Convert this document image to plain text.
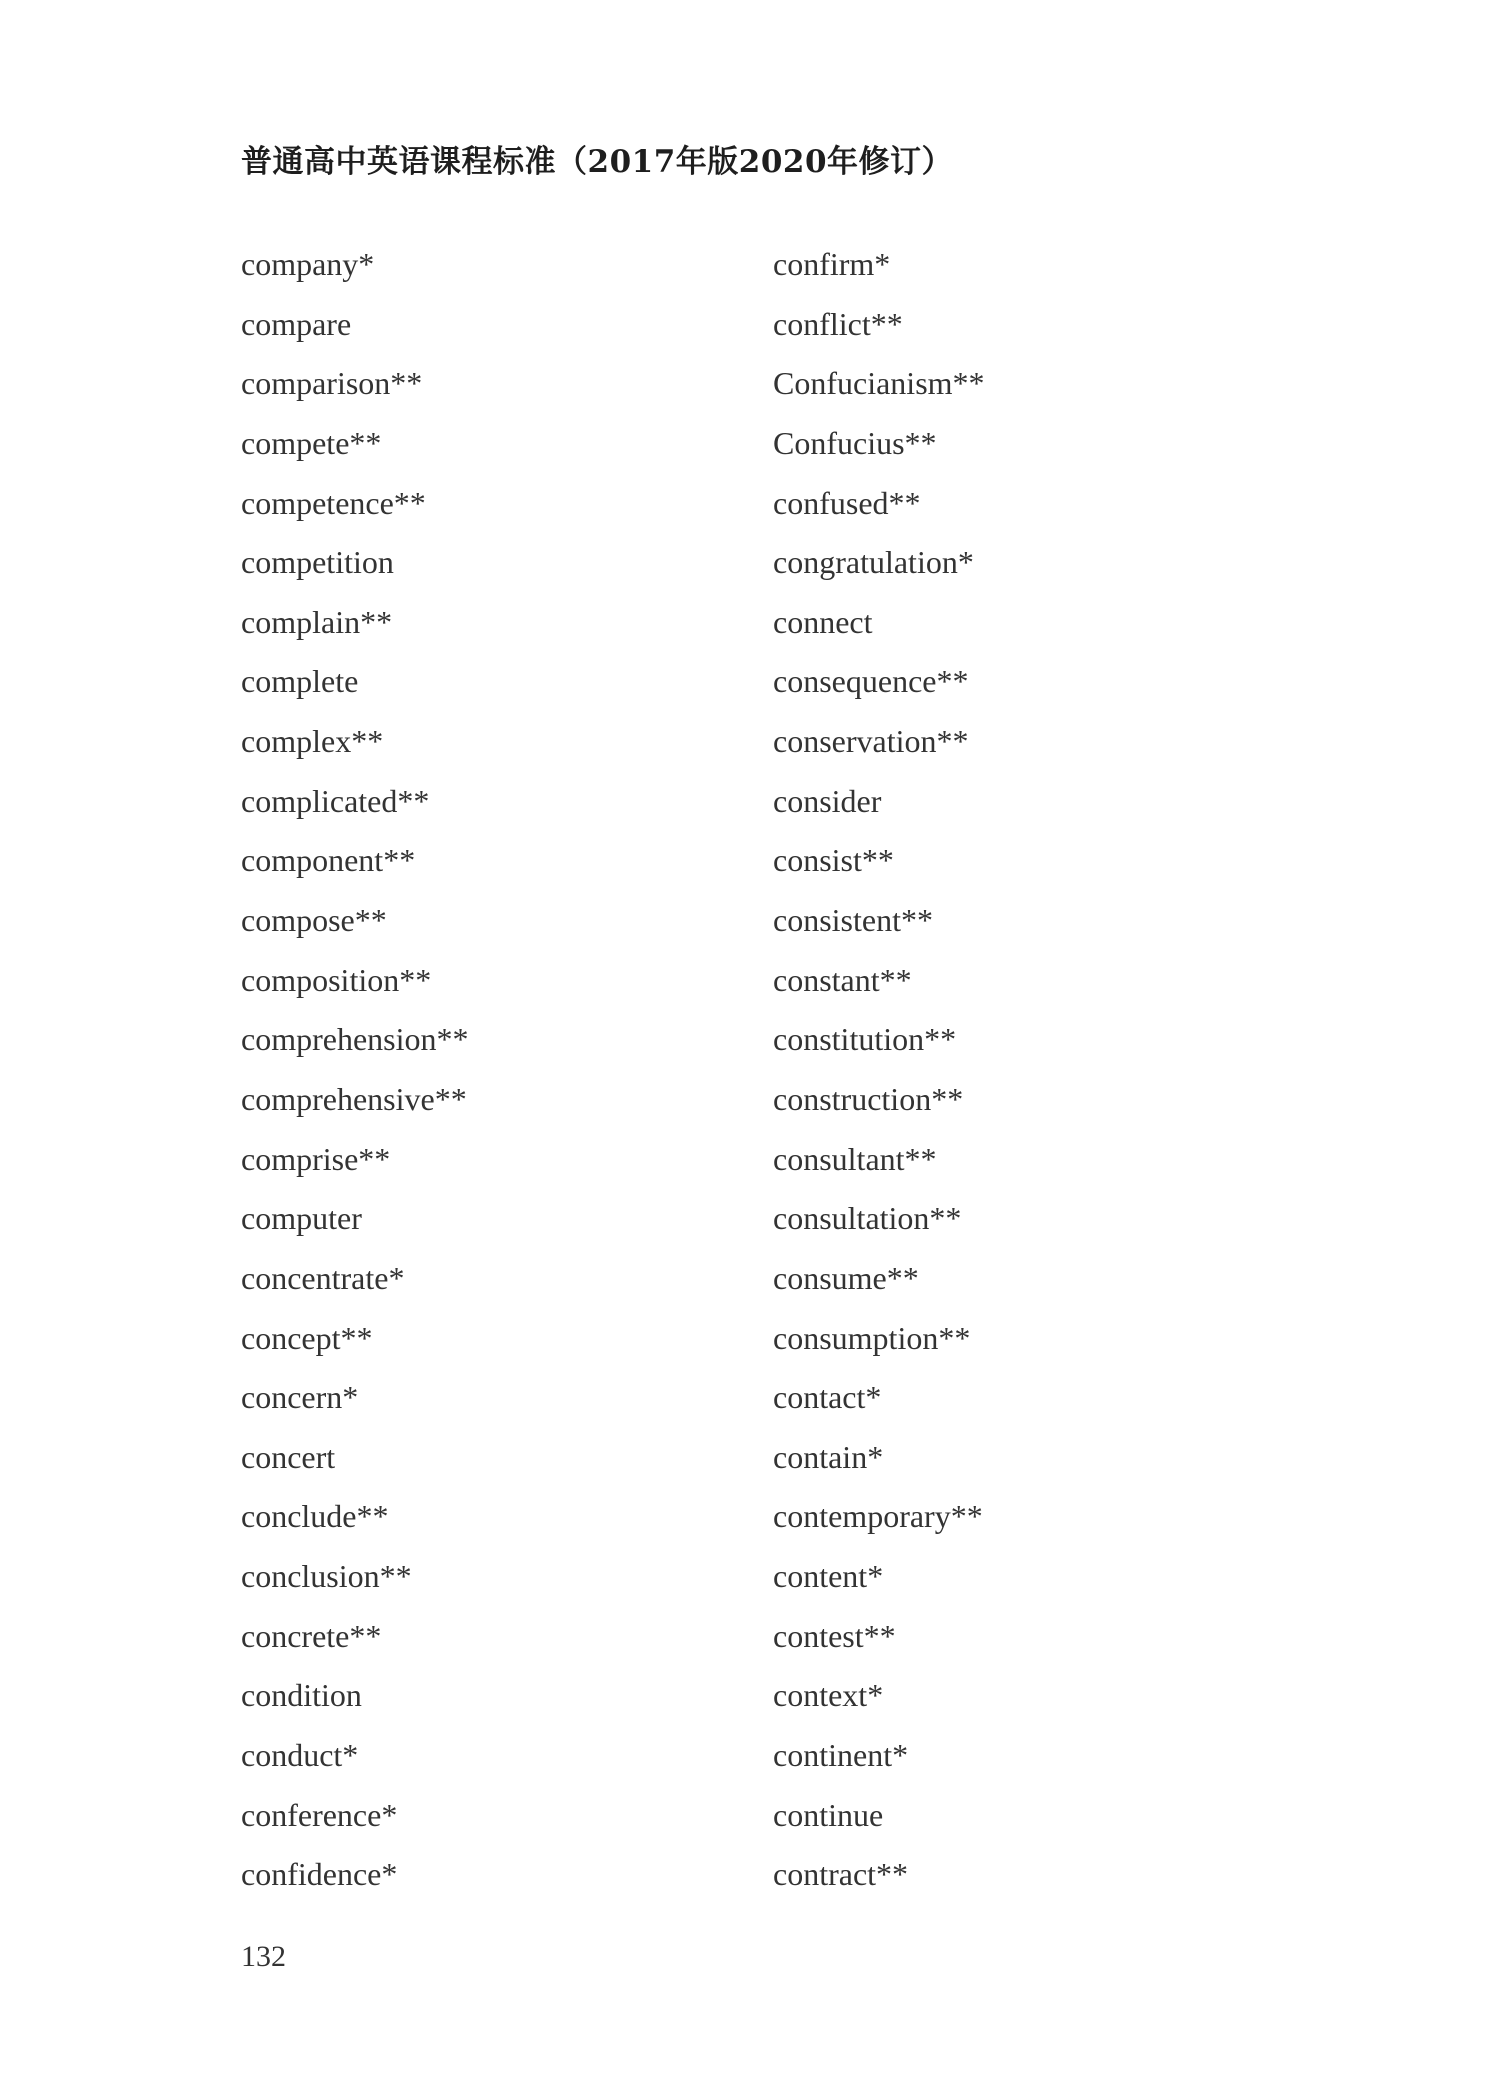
普通高中英语课程标准（2017年版2020年修订）
company*
compare
comparison**
compete**
competence**
competition
complain**
complete
complex**
complicated**
component**
compose**
composition**
comprehension**
comprehensive**
comprise**
computer
concentrate*
concept**
concern*
concert
conclude**
conclusion**
concrete**
condition
conduct*
conference*
confidence*
confirm*
conflict**
Confucianism**
Confucius**
confused**
congratulation*
connect
consequence**
conservation**
consider
consist**
consistent**
constant**
constitution**
construction**
consultant**
consultation**
consume**
consumption**
contact*
contain*
contemporary**
content*
contest**
context*
continent*
continue
contract**
132
